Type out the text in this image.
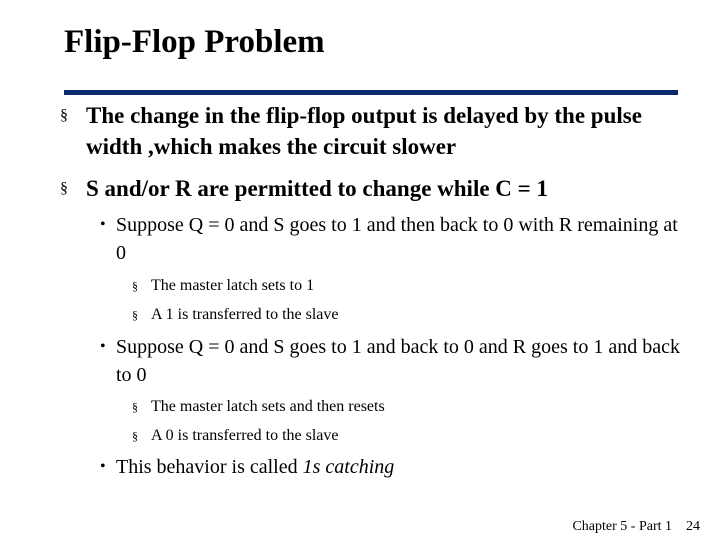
Flip-Flop Problem
§ The change in the flip-flop output is delayed by the pulse width ,which makes the circuit slower
§ S and/or R are permitted to change while C = 1
• Suppose Q = 0 and S goes to 1 and then back to 0 with R remaining at 0
§ The master latch sets to 1
§ A 1 is transferred to the slave
• Suppose Q = 0 and S goes to 1 and back to 0 and R goes to 1 and back to 0
§ The master latch sets and then resets
§ A 0 is transferred to the slave
• This behavior is called 1s catching
Chapter 5 - Part 1 24
